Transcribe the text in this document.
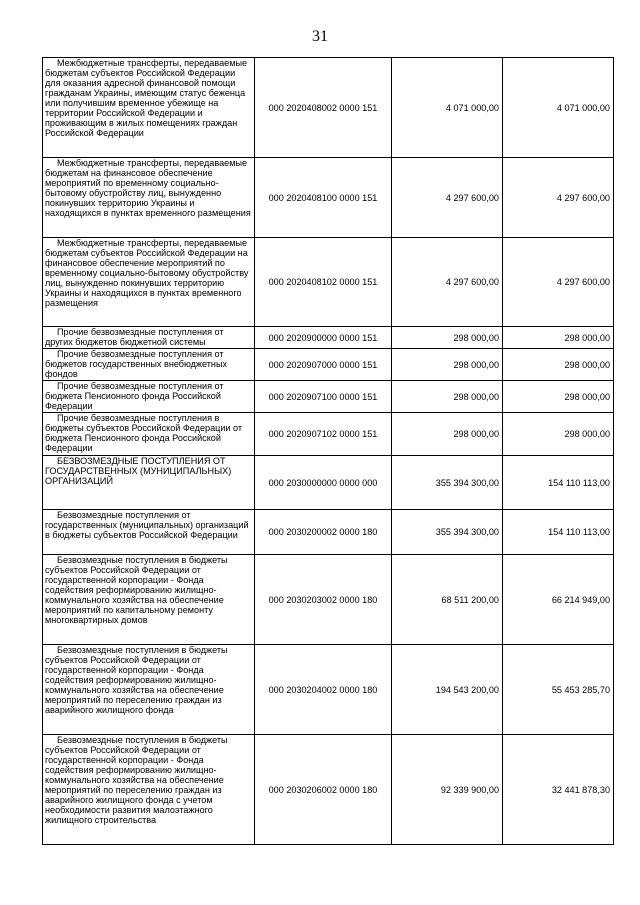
31
Межбюджетные трансферты, передаваемые бюджетам субъектов Российской Федерации для оказания адресной финансовой помощи гражданам Украины, имеющим статус беженца или получившим временное убежище на территории Российской Федерации и проживающим в жилых помещениях граждан Российской Федерации	000 2020408002 0000 151	4 071 000,00	4 071 000,00
Межбюджетные трансферты, передаваемые бюджетам на финансовое обеспечение мероприятий по временному социально-бытовому обустройству лиц, вынужденно покинувших территорию Украины и находящихся в пунктах временного размещения	000 2020408100 0000 151	4 297 600,00	4 297 600,00
Межбюджетные трансферты, передаваемые бюджетам субъектов Российской Федерации на финансовое обеспечение мероприятий по временному социально-бытовому обустройству лиц, вынужденно покинувших территорию Украины и находящихся в пунктах временного размещения	000 2020408102 0000 151	4 297 600,00	4 297 600,00
Прочие безвозмездные поступления от других бюджетов бюджетной системы	000 2020900000 0000 151	298 000,00	298 000,00
Прочие безвозмездные поступления от бюджетов государственных внебюджетных фондов	000 2020907000 0000 151	298 000,00	298 000,00
Прочие безвозмездные поступления от бюджета Пенсионного фонда Российской Федерации	000 2020907100 0000 151	298 000,00	298 000,00
Прочие безвозмездные поступления в бюджеты субъектов Российской Федерации от бюджета Пенсионного фонда Российской Федерации	000 2020907102 0000 151	298 000,00	298 000,00
БЕЗВОЗМЕЗДНЫЕ ПОСТУПЛЕНИЯ ОТ ГОСУДАРСТВЕННЫХ (МУНИЦИПАЛЬНЫХ) ОРГАНИЗАЦИЙ	000 2030000000 0000 000	355 394 300,00	154 110 113,00
Безвозмездные поступления от государственных (муниципальных) организаций в бюджеты субъектов Российской Федерации	000 2030200002 0000 180	355 394 300,00	154 110 113,00
Безвозмездные поступления в бюджеты субъектов Российской Федерации от государственной корпорации - Фонда содействия реформированию жилищно-коммунального хозяйства на обеспечение мероприятий по капитальному ремонту многоквартирных домов	000 2030203002 0000 180	68 511 200,00	66 214 949,00
Безвозмездные поступления в бюджеты субъектов Российской Федерации от государственной корпорации - Фонда содействия реформированию жилищно-коммунального хозяйства на обеспечение мероприятий по переселению граждан из аварийного жилищного фонда	000 2030204002 0000 180	194 543 200,00	55 453 285,70
Безвозмездные поступления в бюджеты субъектов Российской Федерации от государственной корпорации - Фонда содействия реформированию жилищно-коммунального хозяйства на обеспечение мероприятий по переселению граждан из аварийного жилищного фонда с учетом необходимости развития малоэтажного жилищного строительства	000 2030206002 0000 180	92 339 900,00	32 441 878,30
